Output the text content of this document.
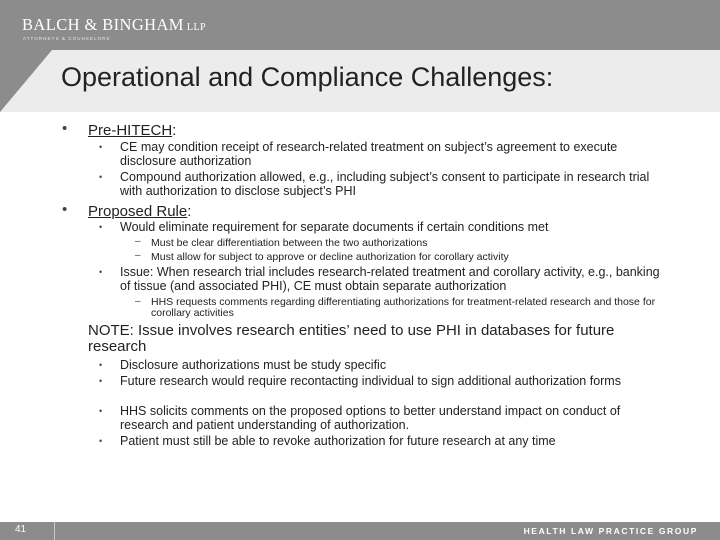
BALCH & BINGHAM LLP
ATTORNEYS & COUNSELORS
Operational and Compliance Challenges:
• Pre-HITECH:
• CE may condition receipt of research-related treatment on subject’s agreement to execute disclosure authorization
• Compound authorization allowed, e.g., including subject’s consent to participate in research trial with authorization to disclose subject’s PHI
• Proposed Rule:
• Would eliminate requirement for separate documents if certain conditions met
– Must be clear differentiation between the two authorizations
– Must allow for subject to approve or decline authorization for corollary activity
• Issue: When research trial includes research-related treatment and corollary activity, e.g., banking of tissue (and associated PHI), CE must obtain separate authorization
– HHS requests comments regarding differentiating authorizations for treatment-related research and those for corollary activities
NOTE: Issue involves research entities’ need to use PHI in databases for future research
• Disclosure authorizations must be study specific
• Future research would require recontacting individual to sign additional authorization forms
• HHS solicits comments on the proposed options to better understand impact on conduct of research and patient understanding of authorization.
• Patient must still be able to revoke authorization for future research at any time
41	HEALTH LAW PRACTICE GROUP
